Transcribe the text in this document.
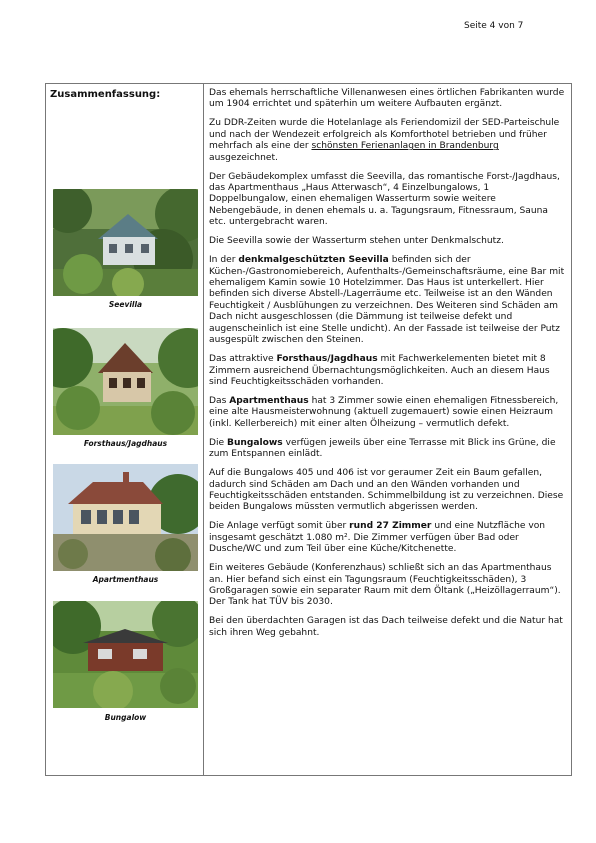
Seite 4 von 7
Zusammenfassung:
Seevilla
Forsthaus/Jagdhaus
Apartmenthaus
Bungalow

Das ehemals herrschaftliche Villenanwesen eines örtlichen Fabrikanten wurde um 1904 errichtet und späterhin um weitere Aufbauten ergänzt.

Zu DDR-Zeiten wurde die Hotelanlage als Feriendomizil der SED-Parteischule und nach der Wendezeit erfolgreich als Komforthotel betrieben und früher mehrfach als eine der schönsten Ferienanlagen in Brandenburg ausgezeichnet.

Der Gebäudekomplex umfasst die Seevilla, das romantische Forst-/Jagdhaus, das Apartmenthaus „Haus Atterwasch“, 4 Einzelbungalows, 1 Doppelbungalow, einen ehemaligen Wasserturm sowie weitere Nebengebäude, in denen ehemals u. a. Tagungsraum, Fitnessraum, Sauna etc. untergebracht waren.

Die Seevilla sowie der Wasserturm stehen unter Denkmalschutz.

In der denkmalgeschützten Seevilla befinden sich der Küchen-/Gastronomiebereich, Aufenthalts-/Gemeinschaftsräume, eine Bar mit ehemaligem Kamin sowie 10 Hotelzimmer. Das Haus ist unterkellert. Hier befinden sich diverse Abstell-/Lagerräume etc. Teilweise ist an den Wänden Feuchtigkeit / Ausblühungen zu verzeichnen. Des Weiteren sind Schäden am Dach nicht ausgeschlossen (die Dämmung ist teilweise defekt und augenscheinlich ist eine Stelle undicht). An der Fassade ist teilweise der Putz ausgespült zwischen den Steinen.

Das attraktive Forsthaus/Jagdhaus mit Fachwerkelementen bietet mit 8 Zimmern ausreichend Übernachtungsmöglichkeiten. Auch an diesem Haus sind Feuchtigkeitsschäden vorhanden.

Das Apartmenthaus hat 3 Zimmer sowie einen ehemaligen Fitnessbereich, eine alte Hausmeisterwohnung (aktuell zugemauert) sowie einen Heizraum (inkl. Kellerbereich) mit einer alten Ölheizung – vermutlich defekt.

Die Bungalows verfügen jeweils über eine Terrasse mit Blick ins Grüne, die zum Entspannen einlädt.

Auf die Bungalows 405 und 406 ist vor geraumer Zeit ein Baum gefallen, dadurch sind Schäden am Dach und an den Wänden vorhanden und Feuchtigkeitsschäden entstanden. Schimmelbildung ist zu verzeichnen. Diese beiden Bungalows müssten vermutlich abgerissen werden.

Die Anlage verfügt somit über rund 27 Zimmer und eine Nutzfläche von insgesamt geschätzt 1.080 m². Die Zimmer verfügen über Bad oder Dusche/WC und zum Teil über eine Küche/Kitchenette.

Ein weiteres Gebäude (Konferenzhaus) schließt sich an das Apartmenthaus an. Hier befand sich einst ein Tagungsraum (Feuchtigkeitsschäden), 3 Großgaragen sowie ein separater Raum mit dem Öltank („Heizöllagerraum“). Der Tank hat TÜV bis 2030.

Bei den überdachten Garagen ist das Dach teilweise defekt und die Natur hat sich ihren Weg gebahnt.
